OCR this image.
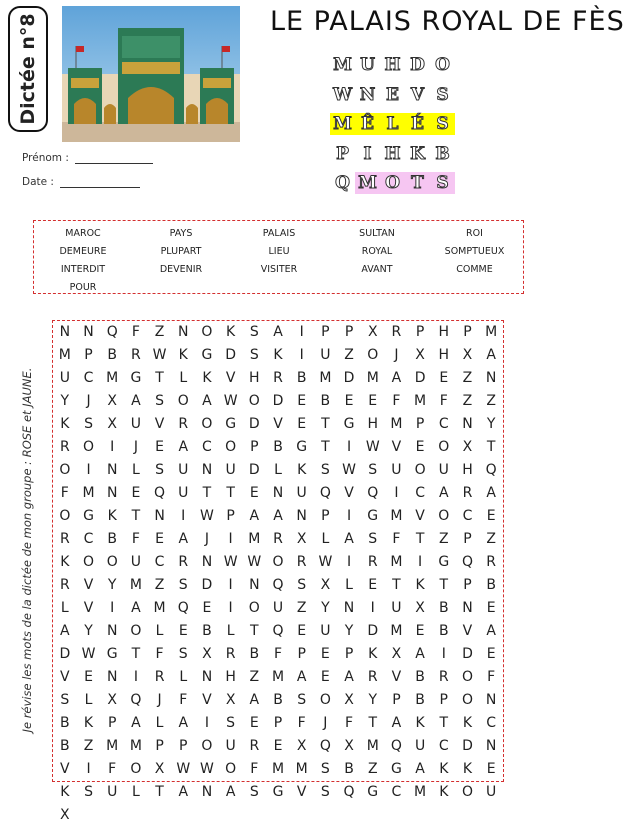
Dictée n°8	LE PALAIS ROYAL DE FÈS
M U H D O
W N E V S
M Ê L É S
P I H K B
Q M O T S
Prénom :
Date :
MAROC	PAYS	PALAIS	SULTAN	ROI
DEMEURE	PLUPART	LIEU	ROYAL	SOMPTUEUX
INTERDIT	DEVENIR	VISITER	AVANT	COMME
POUR
Je révise les mots de la dictée de mon groupe : ROSE et JAUNE.
N N Q	F	Z N O K	S	A	I	P	P	X	R	P	H	P M
M P	B	R W K G D S	K	I	U Z O	J	X H X	A
U C M G T	L	K	V H R	B M D M A D E	Z N
Y	J	X	A	S O A W O D E	B	E	E	F M F	Z	Z
K	S	X U V	R O G D V	E	T G H M P	C N	Y
R O	I	J	E	A	C O P	B G T	I	W V	E O X	T
O	I	N	L	S	U N U D	L	K	S W S	U O U H Q
F M N	E Q U	T	T	E	N U Q V Q	I	C	A	R	A
O G K	T	N	I	W P	A	A N	P	I	G M V O C	E
R C B	F	E	A	J	I	M R	X	L	A	S	F	T	Z	P	Z
K O O U C R N W W O R W	I	R M	I	G Q R
R	V	Y M Z	S D	I	N Q S	X	L	E	T	K	T	P	B
L	V	I	A M Q E	I	O U Z	Y	N	I	U X	B N	E
A	Y	N O	L	E	B	L	T Q E	U	Y	D M E	B	V	A
D W G T	F	S	X	R	B	F	P	E	P	K	X	A	I	D E
V	E	N	I	R	L	N H Z M A	E	A	R	V	B	R O	F
S	L	X Q	J	F	V	X	A	B	S O X	Y	P	B	P O N
B	K	P	A	L	A	I	S	E	P	F	J	F	T	A	K	T	K	C
B	Z M M P	P O U R	E	X Q X M Q U C D N
V	I	F	O X W W O	F M M S	B	Z G A	K	K	E
K	S	U	L	T	A N A	S G V	S Q G C M K O U
X
